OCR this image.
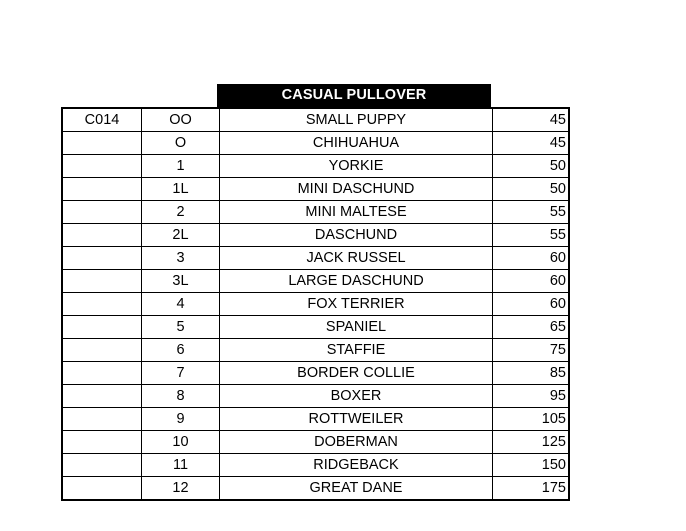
CASUAL PULLOVER
C014	OO	SMALL PUPPY	45
	O	CHIHUAHUA	45
	1	YORKIE	50
	1L	MINI DASCHUND	50
	2	MINI MALTESE	55
	2L	DASCHUND	55
	3	JACK RUSSEL	60
	3L	LARGE DASCHUND	60
	4	FOX TERRIER	60
	5	SPANIEL	65
	6	STAFFIE	75
	7	BORDER COLLIE	85
	8	BOXER	95
	9	ROTTWEILER	105
	10	DOBERMAN	125
	11	RIDGEBACK	150
	12	GREAT DANE	175
